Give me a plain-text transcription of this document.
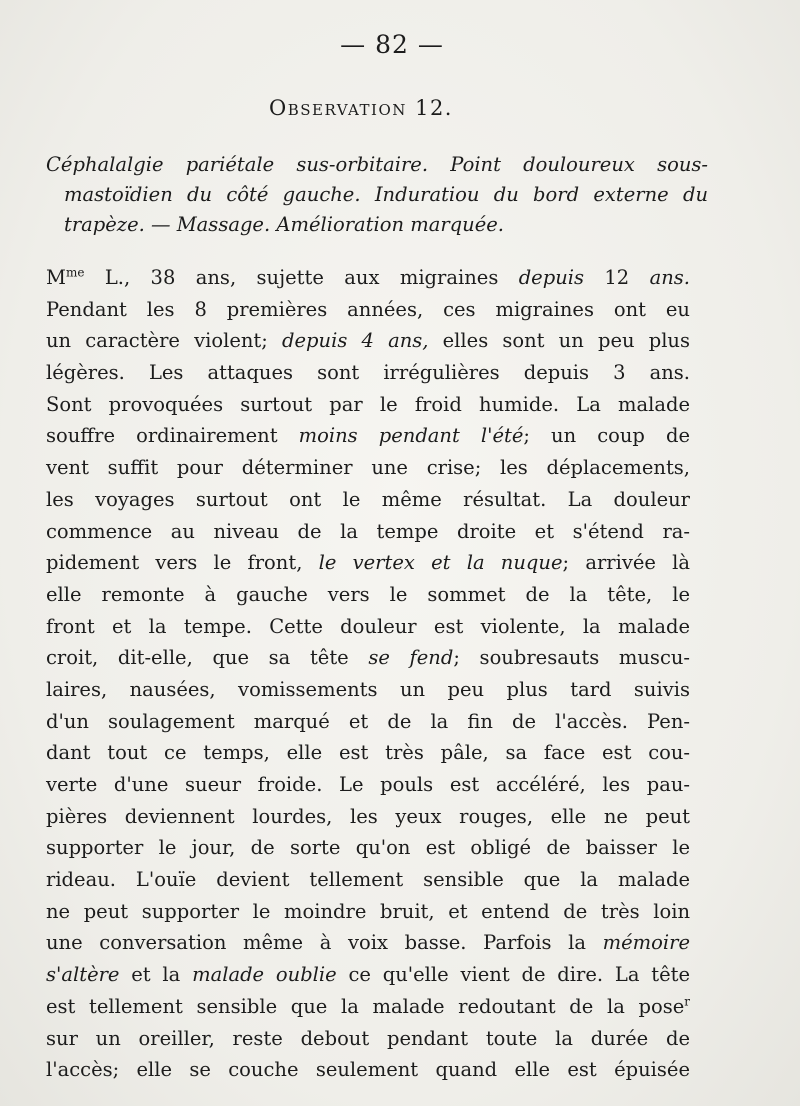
— 82 —
Observation 12.
Céphalalgie pariétale sus-orbitaire. Point douloureux sous-
mastoïdien du côté gauche. Induratiou du bord externe du
trapèze. — Massage. Amélioration marquée.
$M^{me}$ L., 38 ans, sujette aux migraines depuis 12 ans.
Pendant les 8 premières années, ces migraines ont eu
un caractère violent; depuis 4 ans, elles sont un peu plus
légères. Les attaques sont irrégulières depuis 3 ans.
Sont provoquées surtout par le froid humide. La malade
souffre ordinairement moins pendant l'été; un coup de
vent suffit pour déterminer une crise; les déplacements,
les voyages surtout ont le même résultat. La douleur
commence au niveau de la tempe droite et s'étend ra-
pidement vers le front, le vertex et la nuque; arrivée là
elle remonte à gauche vers le sommet de la tête, le
front et la tempe. Cette douleur est violente, la malade
croit, dit-elle, que sa tête se fend; soubresauts muscu-
laires, nausées, vomissements un peu plus tard suivis
d'un soulagement marqué et de la fin de l'accès. Pen-
dant tout ce temps, elle est très pâle, sa face est cou-
verte d'une sueur froide. Le pouls est accéléré, les pau-
pières deviennent lourdes, les yeux rouges, elle ne peut
supporter le jour, de sorte qu'on est obligé de baisser le
rideau. L'ouïe devient tellement sensible que la malade
ne peut supporter le moindre bruit, et entend de très loin
une conversation même à voix basse. Parfois la mémoire
s'altère et la malade oublie ce qu'elle vient de dire. La tête
est tellement sensible que la malade redoutant de la pose$^r$
sur un oreiller, reste debout pendant toute la durée de
l'accès; elle se couche seulement quand elle est épuisée
